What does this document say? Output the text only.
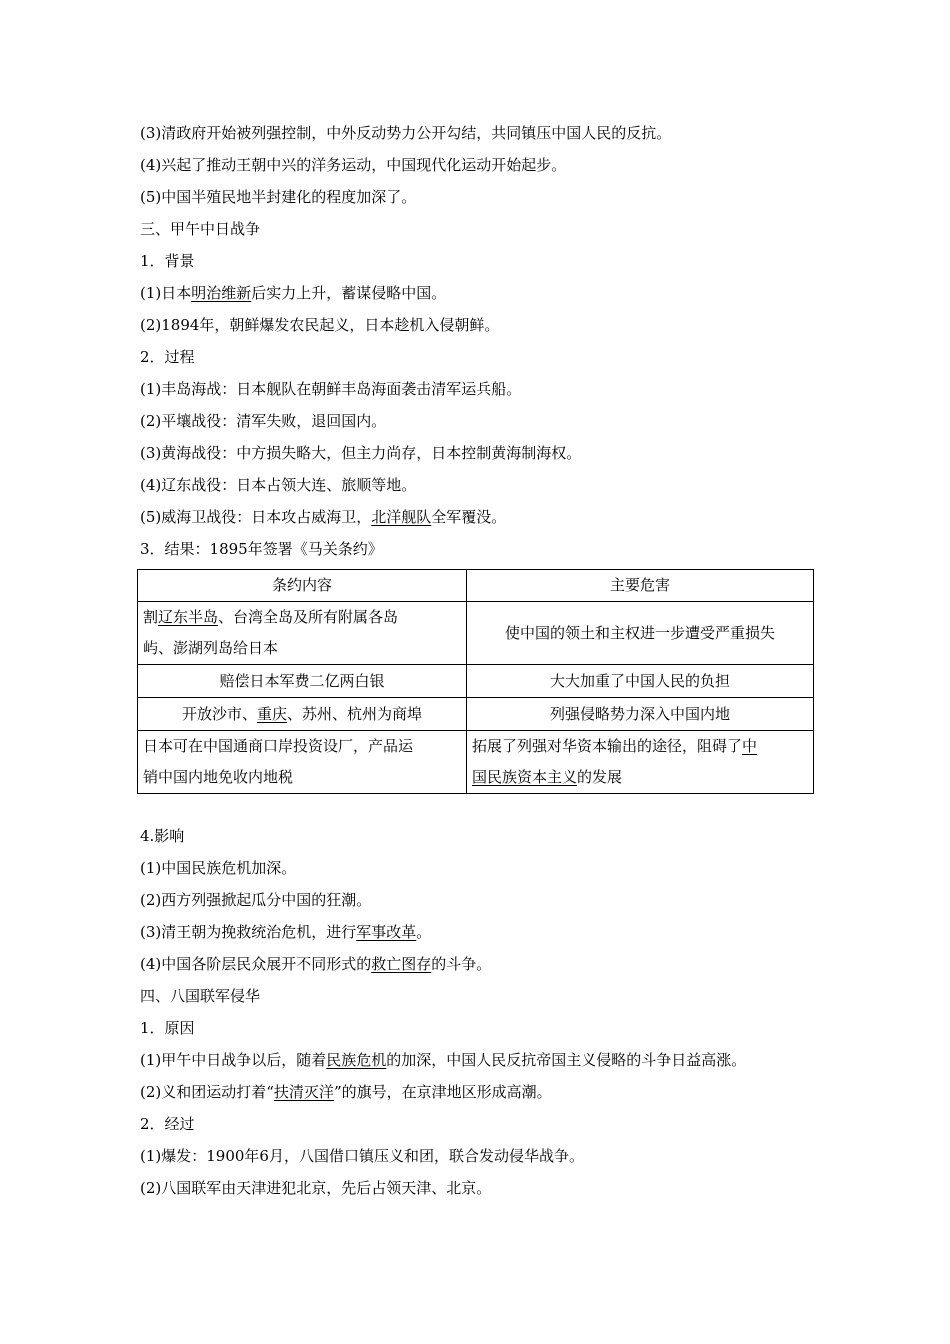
(3)清政府开始被列强控制，中外反动势力公开勾结，共同镇压中国人民的反抗。
(4)兴起了推动王朝中兴的洋务运动，中国现代化运动开始起步。
(5)中国半殖民地半封建化的程度加深了。
三、甲午中日战争
1．背景
(1)日本明治维新后实力上升，蓄谋侵略中国。
(2)1894年，朝鲜爆发农民起义，日本趁机入侵朝鲜。
2．过程
(1)丰岛海战：日本舰队在朝鲜丰岛海面袭击清军运兵船。
(2)平壤战役：清军失败，退回国内。
(3)黄海战役：中方损失略大，但主力尚存，日本控制黄海制海权。
(4)辽东战役：日本占领大连、旅顺等地。
(5)威海卫战役：日本攻占威海卫，北洋舰队全军覆没。
3．结果：1895年签署《马关条约》
条约内容	主要危害
割辽东半岛、台湾全岛及所有附属各岛
屿、澎湖列岛给日本	使中国的领土和主权进一步遭受严重损失
赔偿日本军费二亿两白银	大大加重了中国人民的负担
开放沙市、重庆、苏州、杭州为商埠	列强侵略势力深入中国内地
日本可在中国通商口岸投资设厂，产品运
销中国内地免收内地税	拓展了列强对华资本输出的途径，阻碍了中
国民族资本主义的发展
4.影响
(1)中国民族危机加深。
(2)西方列强掀起瓜分中国的狂潮。
(3)清王朝为挽救统治危机，进行军事改革。
(4)中国各阶层民众展开不同形式的救亡图存的斗争。
四、八国联军侵华
1．原因
(1)甲午中日战争以后，随着民族危机的加深，中国人民反抗帝国主义侵略的斗争日益高涨。
(2)义和团运动打着“扶清灭洋”的旗号，在京津地区形成高潮。
2．经过
(1)爆发：1900年6月，八国借口镇压义和团，联合发动侵华战争。
(2)八国联军由天津进犯北京，先后占领天津、北京。
